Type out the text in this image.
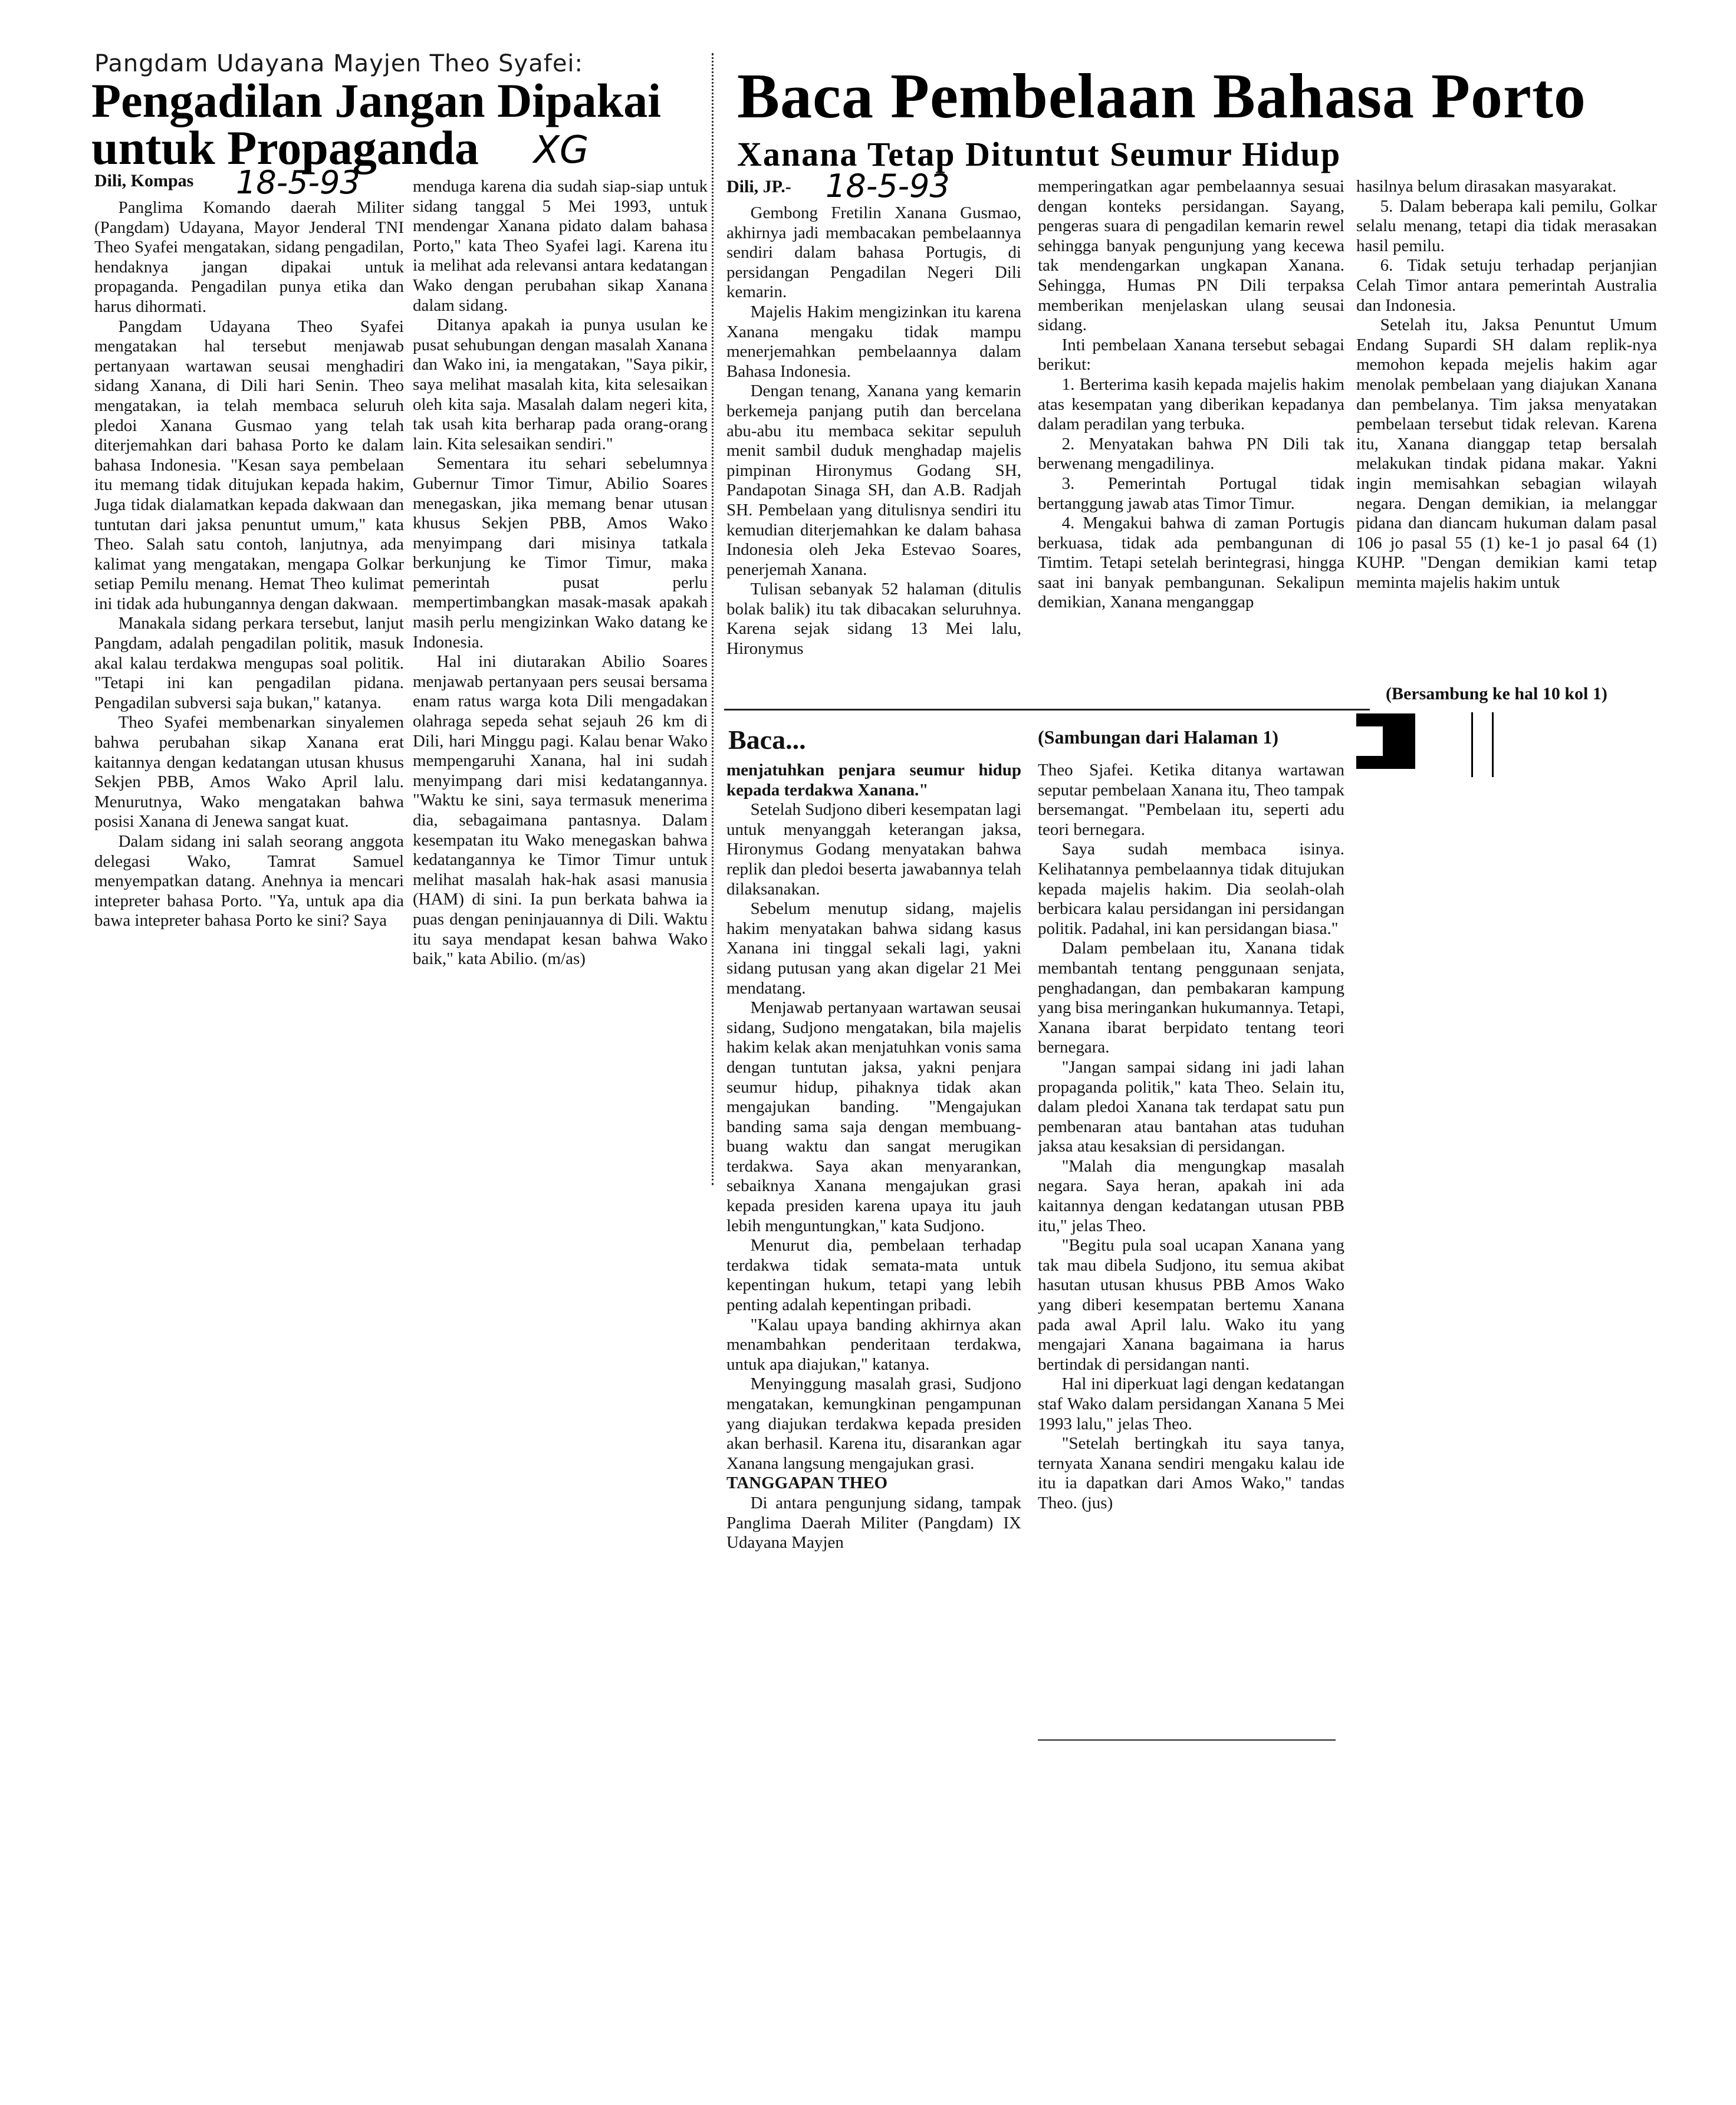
Pangdam Udayana Mayjen Theo Syafei:
Pengadilan Jangan Dipakai
untuk Propaganda XG
Dili, Kompas 18-5-93

Panglima Komando daerah Militer (Pangdam) Udayana, Mayor Jenderal TNI Theo Syafei mengatakan, sidang pengadilan, hendaknya jangan dipakai untuk propaganda. Pengadilan punya etika dan harus dihormati.

Pangdam Udayana Theo Syafei mengatakan hal tersebut menjawab pertanyaan wartawan seusai menghadiri sidang Xanana, di Dili hari Senin. Theo mengatakan, ia telah membaca seluruh pledoi Xanana Gusmao yang telah diterjemahkan dari bahasa Porto ke dalam bahasa Indonesia. "Kesan saya pembelaan itu memang tidak ditujukan kepada hakim, Juga tidak dialamatkan kepada dakwaan dan tuntutan dari jaksa penuntut umum," kata Theo. Salah satu contoh, lanjutnya, ada kalimat yang mengatakan, mengapa Golkar setiap Pemilu menang. Hemat Theo kulimat ini tidak ada hubungannya dengan dakwaan.

Manakala sidang perkara tersebut, lanjut Pangdam, adalah pengadilan politik, masuk akal kalau terdakwa mengupas soal politik. "Tetapi ini kan pengadilan pidana. Pengadilan subversi saja bukan," katanya.

Theo Syafei membenarkan sinyalemen bahwa perubahan sikap Xanana erat kaitannya dengan kedatangan utusan khusus Sekjen PBB, Amos Wako April lalu. Menurutnya, Wako mengatakan bahwa posisi Xanana di Jenewa sangat kuat.

Dalam sidang ini salah seorang anggota delegasi Wako, Tamrat Samuel menyempatkan datang. Anehnya ia mencari intepreter bahasa Porto. "Ya, untuk apa dia bawa intepreter bahasa Porto ke sini? Saya

menduga karena dia sudah siap-siap untuk sidang tanggal 5 Mei 1993, untuk mendengar Xanana pidato dalam bahasa Porto," kata Theo Syafei lagi. Karena itu ia melihat ada relevansi antara kedatangan Wako dengan perubahan sikap Xanana dalam sidang.

Ditanya apakah ia punya usulan ke pusat sehubungan dengan masalah Xanana dan Wako ini, ia mengatakan, "Saya pikir, saya melihat masalah kita, kita selesaikan oleh kita saja. Masalah dalam negeri kita, tak usah kita berharap pada orang-orang lain. Kita selesaikan sendiri."

Sementara itu sehari sebelumnya Gubernur Timor Timur, Abilio Soares menegaskan, jika memang benar utusan khusus Sekjen PBB, Amos Wako menyimpang dari misinya tatkala berkunjung ke Timor Timur, maka pemerintah pusat perlu mempertimbangkan masak-masak apakah masih perlu mengizinkan Wako datang ke Indonesia.

Hal ini diutarakan Abilio Soares menjawab pertanyaan pers seusai bersama enam ratus warga kota Dili mengadakan olahraga sepeda sehat sejauh 26 km di Dili, hari Minggu pagi. Kalau benar Wako mempengaruhi Xanana, hal ini sudah menyimpang dari misi kedatangannya. "Waktu ke sini, saya termasuk menerima dia, sebagaimana pantasnya. Dalam kesempatan itu Wako menegaskan bahwa kedatangannya ke Timor Timur untuk melihat masalah hak-hak asasi manusia (HAM) di sini. Ia pun berkata bahwa ia puas dengan peninjauannya di Dili. Waktu itu saya mendapat kesan bahwa Wako baik," kata Abilio. (m/as)

Baca Pembelaan Bahasa Porto
Xanana Tetap Dituntut Seumur Hidup
Dili, JP.- 18-5-93

Gembong Fretilin Xanana Gusmao, akhirnya jadi membacakan pembelaannya sendiri dalam bahasa Portugis, di persidangan Pengadilan Negeri Dili kemarin.

Majelis Hakim mengizinkan itu karena Xanana mengaku tidak mampu menerjemahkan pembelaannya dalam Bahasa Indonesia.

Dengan tenang, Xanana yang kemarin berkemeja panjang putih dan bercelana abu-abu itu membaca sekitar sepuluh menit sambil duduk menghadap majelis pimpinan Hironymus Godang SH, Pandapotan Sinaga SH, dan A.B. Radjah SH. Pembelaan yang ditulisnya sendiri itu kemudian diterjemahkan ke dalam bahasa Indonesia oleh Jeka Estevao Soares, penerjemah Xanana.

Tulisan sebanyak 52 halaman (ditulis bolak balik) itu tak dibacakan seluruhnya. Karena sejak sidang 13 Mei lalu, Hironymus

memperingatkan agar pembelaannya sesuai dengan konteks persidangan. Sayang, pengeras suara di pengadilan kemarin rewel sehingga banyak pengunjung yang kecewa tak mendengarkan ungkapan Xanana. Sehingga, Humas PN Dili terpaksa memberikan menjelaskan ulang seusai sidang.

Inti pembelaan Xanana tersebut sebagai berikut:

1. Berterima kasih kepada majelis hakim atas kesempatan yang diberikan kepadanya dalam peradilan yang terbuka.

2. Menyatakan bahwa PN Dili tak berwenang mengadilinya.

3. Pemerintah Portugal tidak bertanggung jawab atas Timor Timur.

4. Mengakui bahwa di zaman Portugis berkuasa, tidak ada pembangunan di Timtim. Tetapi setelah berintegrasi, hingga saat ini banyak pembangunan. Sekalipun demikian, Xanana menganggap

hasilnya belum dirasakan masyarakat.

5. Dalam beberapa kali pemilu, Golkar selalu menang, tetapi dia tidak merasakan hasil pemilu.

6. Tidak setuju terhadap perjanjian Celah Timor antara pemerintah Australia dan Indonesia.

Setelah itu, Jaksa Penuntut Umum Endang Supardi SH dalam replik-nya memohon kepada mejelis hakim agar menolak pembelaan yang diajukan Xanana dan pembelanya. Tim jaksa menyatakan pembelaan tersebut tidak relevan. Karena itu, Xanana dianggap tetap bersalah melakukan tindak pidana makar. Yakni ingin memisahkan sebagian wilayah negara. Dengan demikian, ia melanggar pidana dan diancam hukuman dalam pasal 106 jo pasal 55 (1) ke-1 jo pasal 64 (1) KUHP. "Dengan demikian kami tetap meminta majelis hakim untuk

(Bersambung ke hal 10 kol 1)
Baca...	(Sambungan dari Halaman 1)

menjatuhkan penjara seumur hidup kepada terdakwa Xanana."

Setelah Sudjono diberi kesempatan lagi untuk menyanggah keterangan jaksa, Hironymus Godang menyatakan bahwa replik dan pledoi beserta jawabannya telah dilaksanakan.

Sebelum menutup sidang, majelis hakim menyatakan bahwa sidang kasus Xanana ini tinggal sekali lagi, yakni sidang putusan yang akan digelar 21 Mei mendatang.

Menjawab pertanyaan wartawan seusai sidang, Sudjono mengatakan, bila majelis hakim kelak akan menjatuhkan vonis sama dengan tuntutan jaksa, yakni penjara seumur hidup, pihaknya tidak akan mengajukan banding. "Mengajukan banding sama saja dengan membuang-buang waktu dan sangat merugikan terdakwa. Saya akan menyarankan, sebaiknya Xanana mengajukan grasi kepada presiden karena upaya itu jauh lebih menguntungkan," kata Sudjono.

Menurut dia, pembelaan terhadap terdakwa tidak semata-mata untuk kepentingan hukum, tetapi yang lebih penting adalah kepentingan pribadi.

"Kalau upaya banding akhirnya akan menambahkan penderitaan terdakwa, untuk apa diajukan," katanya.

Menyinggung masalah grasi, Sudjono mengatakan, kemungkinan pengampunan yang diajukan terdakwa kepada presiden akan berhasil. Karena itu, disarankan agar Xanana langsung mengajukan grasi.

TANGGAPAN THEO

Di antara pengunjung sidang, tampak Panglima Daerah Militer (Pangdam) IX Udayana Mayjen

Theo Sjafei. Ketika ditanya wartawan seputar pembelaan Xanana itu, Theo tampak bersemangat. "Pembelaan itu, seperti adu teori bernegara.

Saya sudah membaca isinya. Kelihatannya pembelaannya tidak ditujukan kepada majelis hakim. Dia seolah-olah berbicara kalau persidangan ini persidangan politik. Padahal, ini kan persidangan biasa."

Dalam pembelaan itu, Xanana tidak membantah tentang penggunaan senjata, penghadangan, dan pembakaran kampung yang bisa meringankan hukumannya. Tetapi, Xanana ibarat berpidato tentang teori bernegara.

"Jangan sampai sidang ini jadi lahan propaganda politik," kata Theo. Selain itu, dalam pledoi Xanana tak terdapat satu pun pembenaran atau bantahan atas tuduhan jaksa atau kesaksian di persidangan.

"Malah dia mengungkap masalah negara. Saya heran, apakah ini ada kaitannya dengan kedatangan utusan PBB itu," jelas Theo.

"Begitu pula soal ucapan Xanana yang tak mau dibela Sudjono, itu semua akibat hasutan utusan khusus PBB Amos Wako yang diberi kesempatan bertemu Xanana pada awal April lalu. Wako itu yang mengajari Xanana bagaimana ia harus bertindak di persidangan nanti.

Hal ini diperkuat lagi dengan kedatangan staf Wako dalam persidangan Xanana 5 Mei 1993 lalu," jelas Theo.

"Setelah bertingkah itu saya tanya, ternyata Xanana sendiri mengaku kalau ide itu ia dapatkan dari Amos Wako," tandas Theo. (jus)
